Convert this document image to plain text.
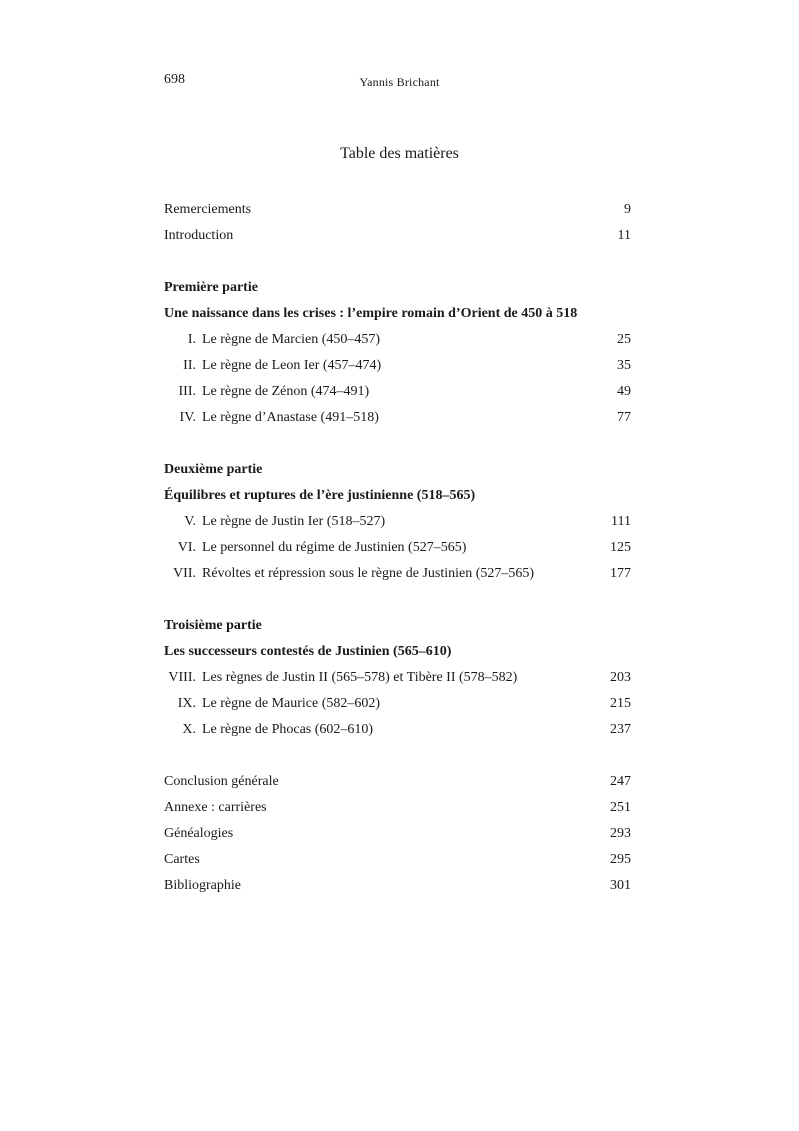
698	Yannis Brichant
Table des matières
Remerciements	9
Introduction	11
Première partie
Une naissance dans les crises : l’empire romain d’Orient de 450 à 518
I. Le règne de Marcien (450–457)	25
II. Le règne de Leon Ier (457–474)	35
III. Le règne de Zénon (474–491)	49
IV. Le règne d’Anastase (491–518)	77
Deuxième partie
Équilibres et ruptures de l’ère justinienne (518–565)
V. Le règne de Justin Ier (518–527)	111
VI. Le personnel du régime de Justinien (527–565)	125
VII. Révoltes et répression sous le règne de Justinien (527–565)	177
Troisième partie
Les successeurs contestés de Justinien (565–610)
VIII. Les règnes de Justin II (565–578) et Tibère II (578–582)	203
IX. Le règne de Maurice (582–602)	215
X. Le règne de Phocas (602–610)	237
Conclusion générale	247
Annexe : carrières	251
Généalogies	293
Cartes	295
Bibliographie	301
